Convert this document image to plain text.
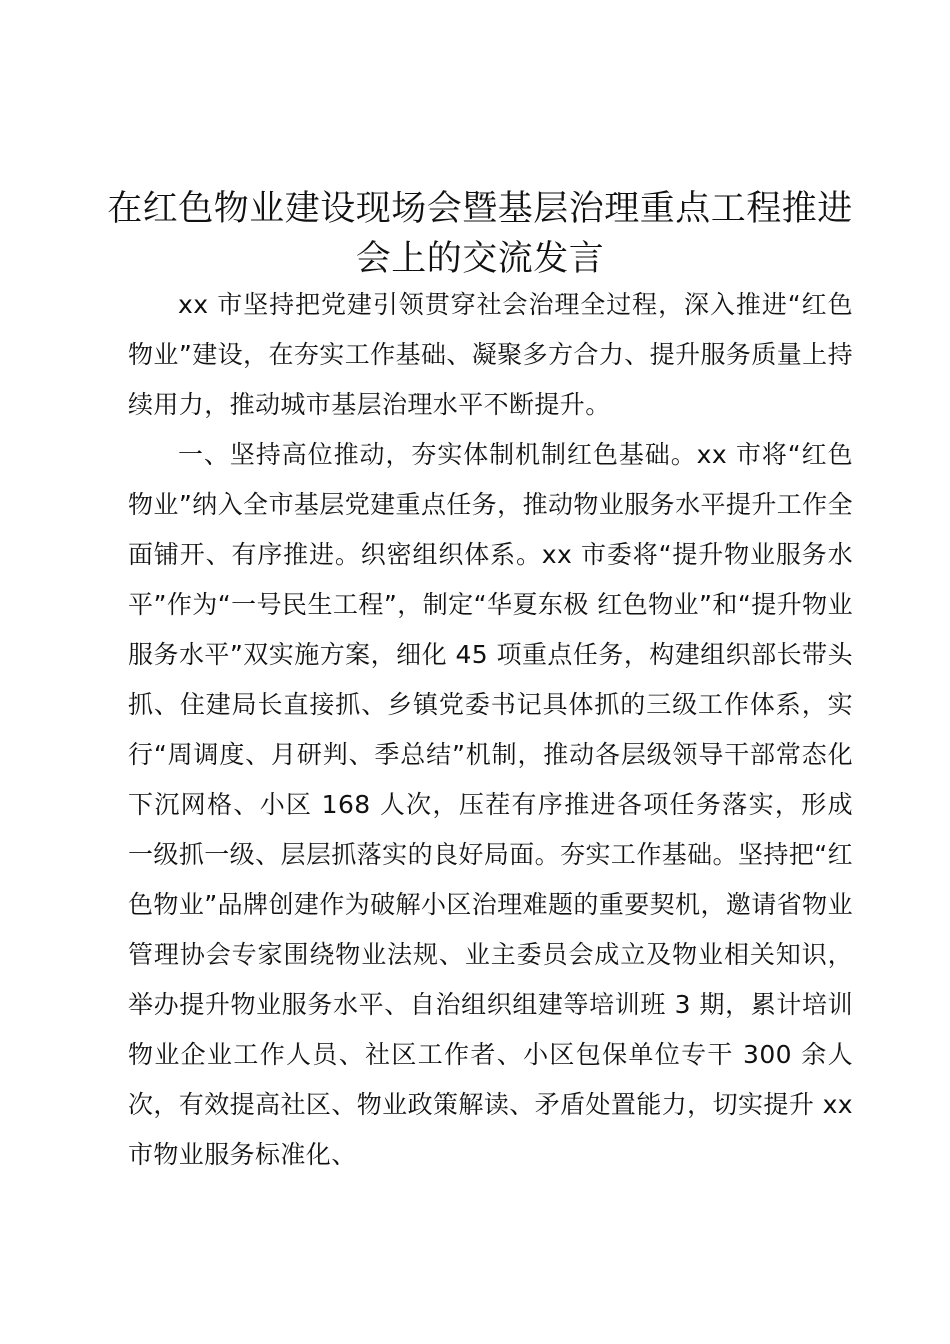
在红色物业建设现场会暨基层治理重点工程推进会上的交流发言

xx 市坚持把党建引领贯穿社会治理全过程，深入推进“红色物业”建设，在夯实工作基础、凝聚多方合力、提升服务质量上持续用力，推动城市基层治理水平不断提升。

一、坚持高位推动，夯实体制机制红色基础。xx 市将“红色物业”纳入全市基层党建重点任务，推动物业服务水平提升工作全面铺开、有序推进。织密组织体系。xx 市委将“提升物业服务水平”作为“一号民生工程”，制定“华夏东极 红色物业”和“提升物业服务水平”双实施方案，细化 45 项重点任务，构建组织部长带头抓、住建局长直接抓、乡镇党委书记具体抓的三级工作体系，实行“周调度、月研判、季总结”机制，推动各层级领导干部常态化下沉网格、小区 168 人次，压茬有序推进各项任务落实，形成一级抓一级、层层抓落实的良好局面。夯实工作基础。坚持把“红色物业”品牌创建作为破解小区治理难题的重要契机，邀请省物业管理协会专家围绕物业法规、业主委员会成立及物业相关知识，举办提升物业服务水平、自治组织组建等培训班 3 期，累计培训物业企业工作人员、社区工作者、小区包保单位专干 300 余人次，有效提高社区、物业政策解读、矛盾处置能力，切实提升 xx 市物业服务标准化、
